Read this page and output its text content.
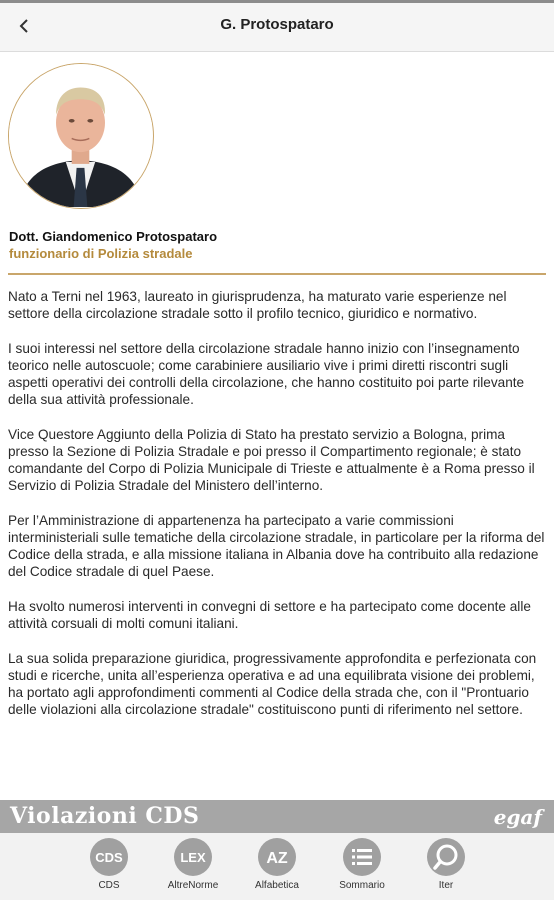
G. Protospataro
Dott. Giandomenico Protospataro
funzionario di Polizia stradale

Nato a Terni nel 1963, laureato in giurisprudenza, ha maturato varie esperienze nel settore della circolazione stradale sotto il profilo tecnico, giuridico e normativo.

I suoi interessi nel settore della circolazione stradale hanno inizio con l’insegnamento teorico nelle autoscuole; come carabiniere ausiliario vive i primi diretti riscontri sugli aspetti operativi dei controlli della circolazione, che hanno costituito poi parte rilevante della sua attività professionale.

Vice Questore Aggiunto della Polizia di Stato ha prestato servizio a Bologna, prima presso la Sezione di Polizia Stradale e poi presso il Compartimento regionale; è stato comandante del Corpo di Polizia Municipale di Trieste e attualmente è a Roma presso il Servizio di Polizia Stradale del Ministero dell’interno.

Per l’Amministrazione di appartenenza ha partecipato a varie commissioni interministeriali sulle tematiche della circolazione stradale, in particolare per la riforma del Codice della strada, e alla missione italiana in Albania dove ha contribuito alla redazione del Codice stradale di quel Paese.

Ha svolto numerosi interventi in convegni di settore e ha partecipato come docente alle attività corsuali di molti comuni italiani.

La sua solida preparazione giuridica, progressivamente approfondita e perfezionata con studi e ricerche, unita all’esperienza operativa e ad una equilibrata visione dei problemi, ha portato agli approfondimenti commenti al Codice della strada che, con il "Prontuario delle violazioni alla circolazione stradale" costituiscono punti di riferimento nel settore.

Violazioni CDS	egaf
CDS
CDS
LEX
AltreNorme
AZ
Alfabetica	Sommario	Iter
